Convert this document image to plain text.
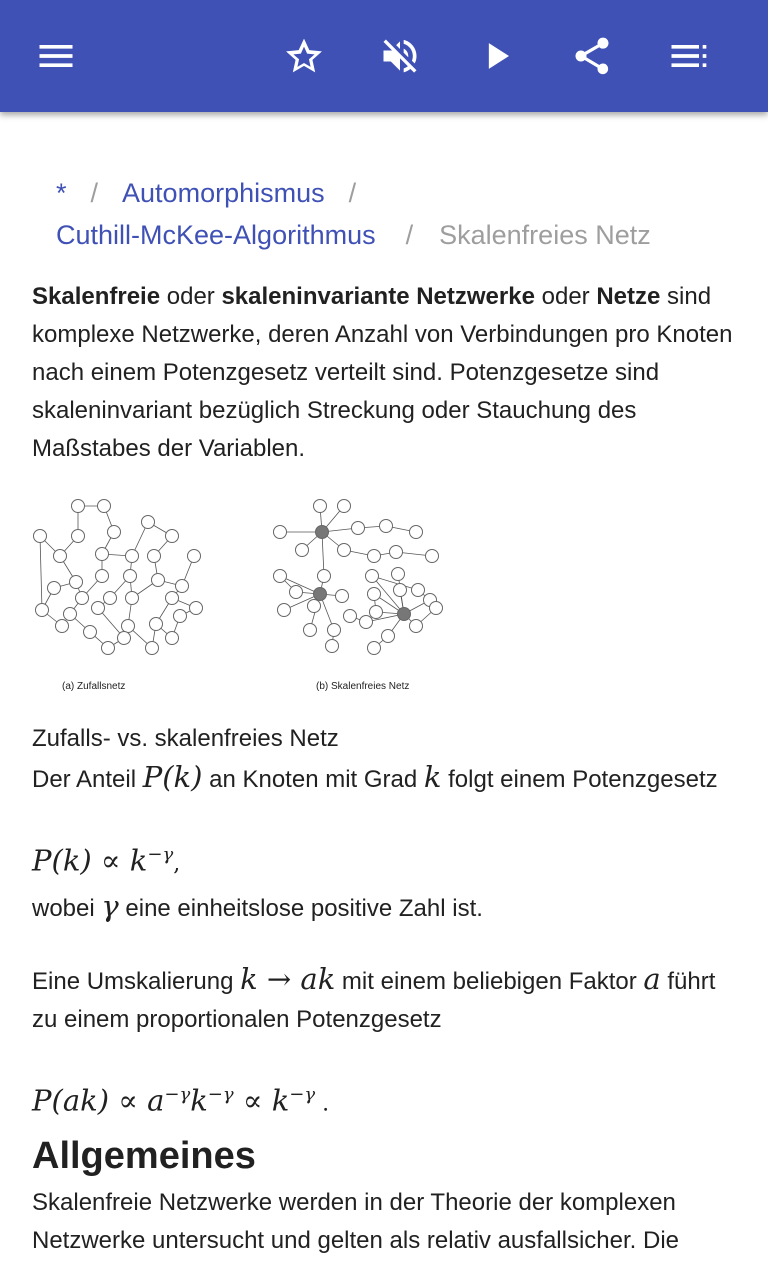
* / Automorphismus /
Cuthill-McKee-Algorithmus / Skalenfreies Netz

Skalenfreie oder skaleninvariante Netzwerke oder Netze sind komplexe Netzwerke, deren Anzahl von Verbindungen pro Knoten nach einem Potenzgesetz verteilt sind. Potenzgesetze sind skaleninvariant bezüglich Streckung oder Stauchung des Maßstabes der Variablen.

(a) Zufallsnetz	(b) Skalenfreies Netz

Zufalls- vs. skalenfreies Netz

Der Anteil P(k) an Knoten mit Grad k folgt einem Potenzgesetz

$P(k) \propto k^{-\gamma}$,

wobei γ eine einheitslose positive Zahl ist.

Eine Umskalierung k → ak mit einem beliebigen Faktor a führt zu einem proportionalen Potenzgesetz

$P(ak) \propto a^{-\gamma}k^{-\gamma} \propto k^{-\gamma}$ .

Allgemeines

Skalenfreie Netzwerke werden in der Theorie der komplexen Netzwerke untersucht und gelten als relativ ausfallsicher. Die
